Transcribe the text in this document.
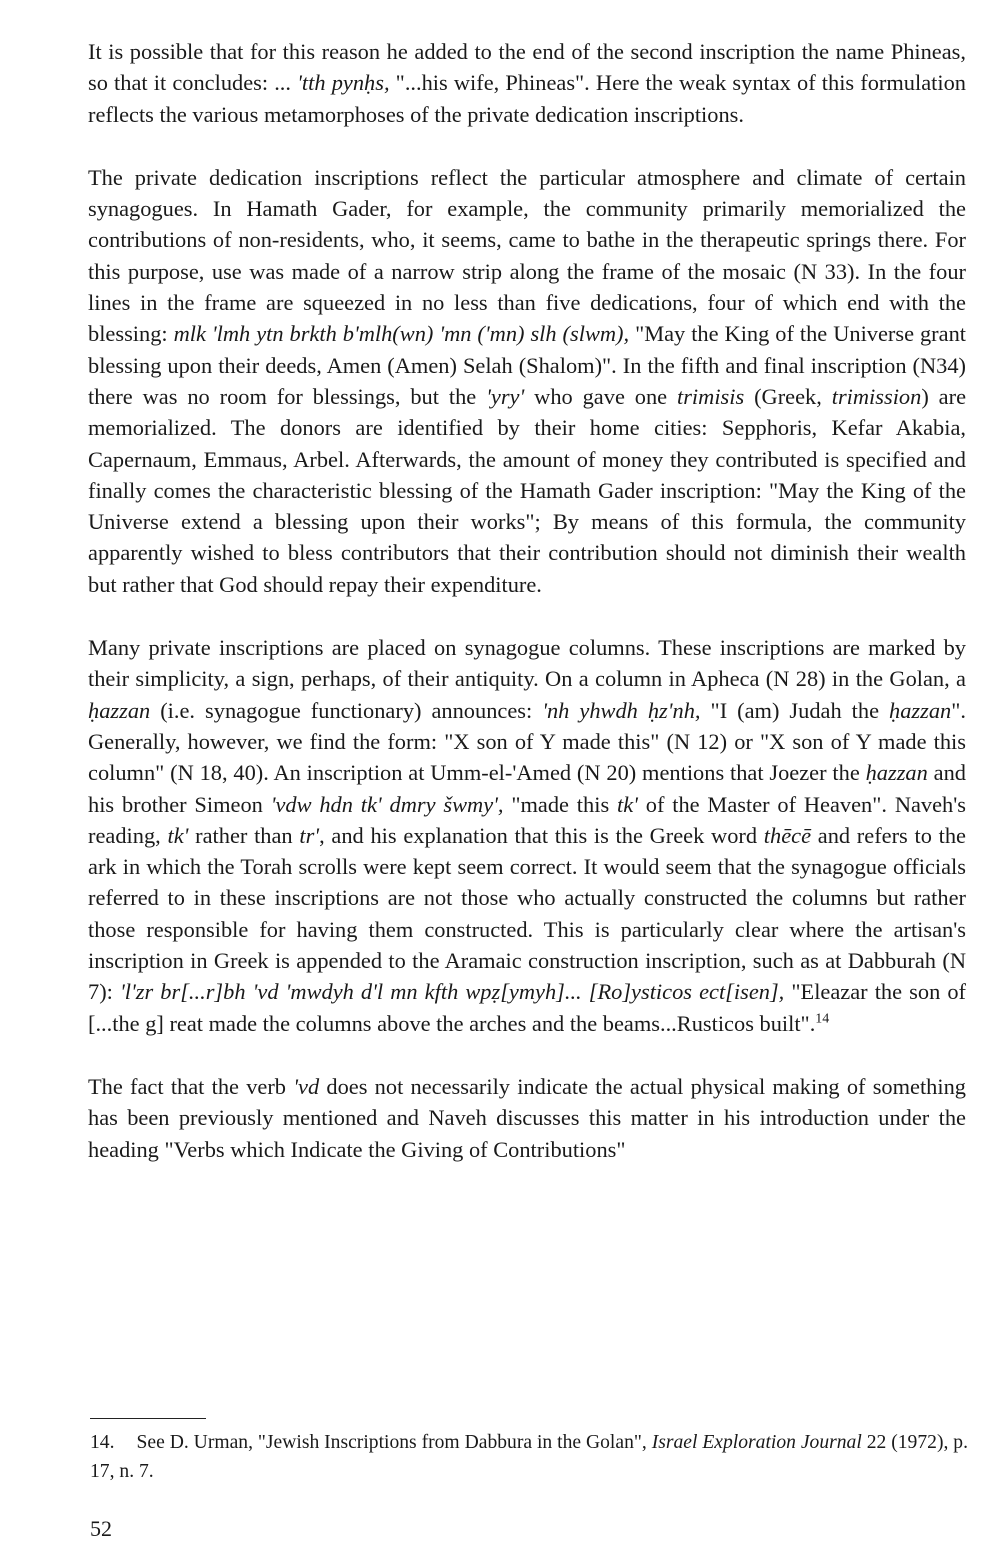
It is possible that for this reason he added to the end of the second inscription the name Phineas, so that it concludes: ... 'tth pynḥs, "...his wife, Phineas". Here the weak syntax of this formulation reflects the various metamorphoses of the private dedication inscriptions.

The private dedication inscriptions reflect the particular atmosphere and climate of certain synagogues. In Hamath Gader, for example, the community primarily memorialized the contributions of non-residents, who, it seems, came to bathe in the therapeutic springs there. For this purpose, use was made of a narrow strip along the frame of the mosaic (N 33). In the four lines in the frame are squeezed in no less than five dedications, four of which end with the blessing: mlk 'lmh ytn brkth b'mlh(wn) 'mn ('mn) slh (slwm), "May the King of the Universe grant blessing upon their deeds, Amen (Amen) Selah (Shalom)". In the fifth and final inscription (N34) there was no room for blessings, but the 'yry' who gave one trimisis (Greek, trimission) are memorialized. The donors are identified by their home cities: Sepphoris, Kefar Akabia, Capernaum, Emmaus, Arbel. Afterwards, the amount of money they contributed is specified and finally comes the characteristic blessing of the Hamath Gader inscription: "May the King of the Universe extend a blessing upon their works"; By means of this formula, the community apparently wished to bless contributors that their contribution should not diminish their wealth but rather that God should repay their expenditure.

Many private inscriptions are placed on synagogue columns. These inscriptions are marked by their simplicity, a sign, perhaps, of their antiquity. On a column in Apheca (N 28) in the Golan, a ḥazzan (i.e. synagogue functionary) announces: 'nh yhwdh ḥz'nh, "I (am) Judah the ḥazzan". Generally, however, we find the form: "X son of Y made this" (N 12) or "X son of Y made this column" (N 18, 40). An inscription at Umm-el-'Amed (N 20) mentions that Joezer the ḥazzan and his brother Simeon 'vdw hdn tk' dmry šwmy', "made this tk' of the Master of Heaven". Naveh's reading, tk' rather than tr', and his explanation that this is the Greek word thēcē and refers to the ark in which the Torah scrolls were kept seem correct. It would seem that the synagogue officials referred to in these inscriptions are not those who actually constructed the columns but rather those responsible for having them constructed. This is particularly clear where the artisan's inscription in Greek is appended to the Aramaic construction inscription, such as at Dabburah (N 7): 'l'zr br[...r]bh 'vd 'mwdyh d'l mn kfth wpẓ[ymyh]... [Ro]ysticos ect[isen], "Eleazar the son of [...the g] reat made the columns above the arches and the beams...Rusticos built".$^{14}$

The fact that the verb 'vd does not necessarily indicate the actual physical making of something has been previously mentioned and Naveh discusses this matter in his introduction under the heading "Verbs which Indicate the Giving of Contributions"

14. See D. Urman, "Jewish Inscriptions from Dabbura in the Golan", Israel Exploration Journal 22 (1972), p. 17, n. 7.
52
